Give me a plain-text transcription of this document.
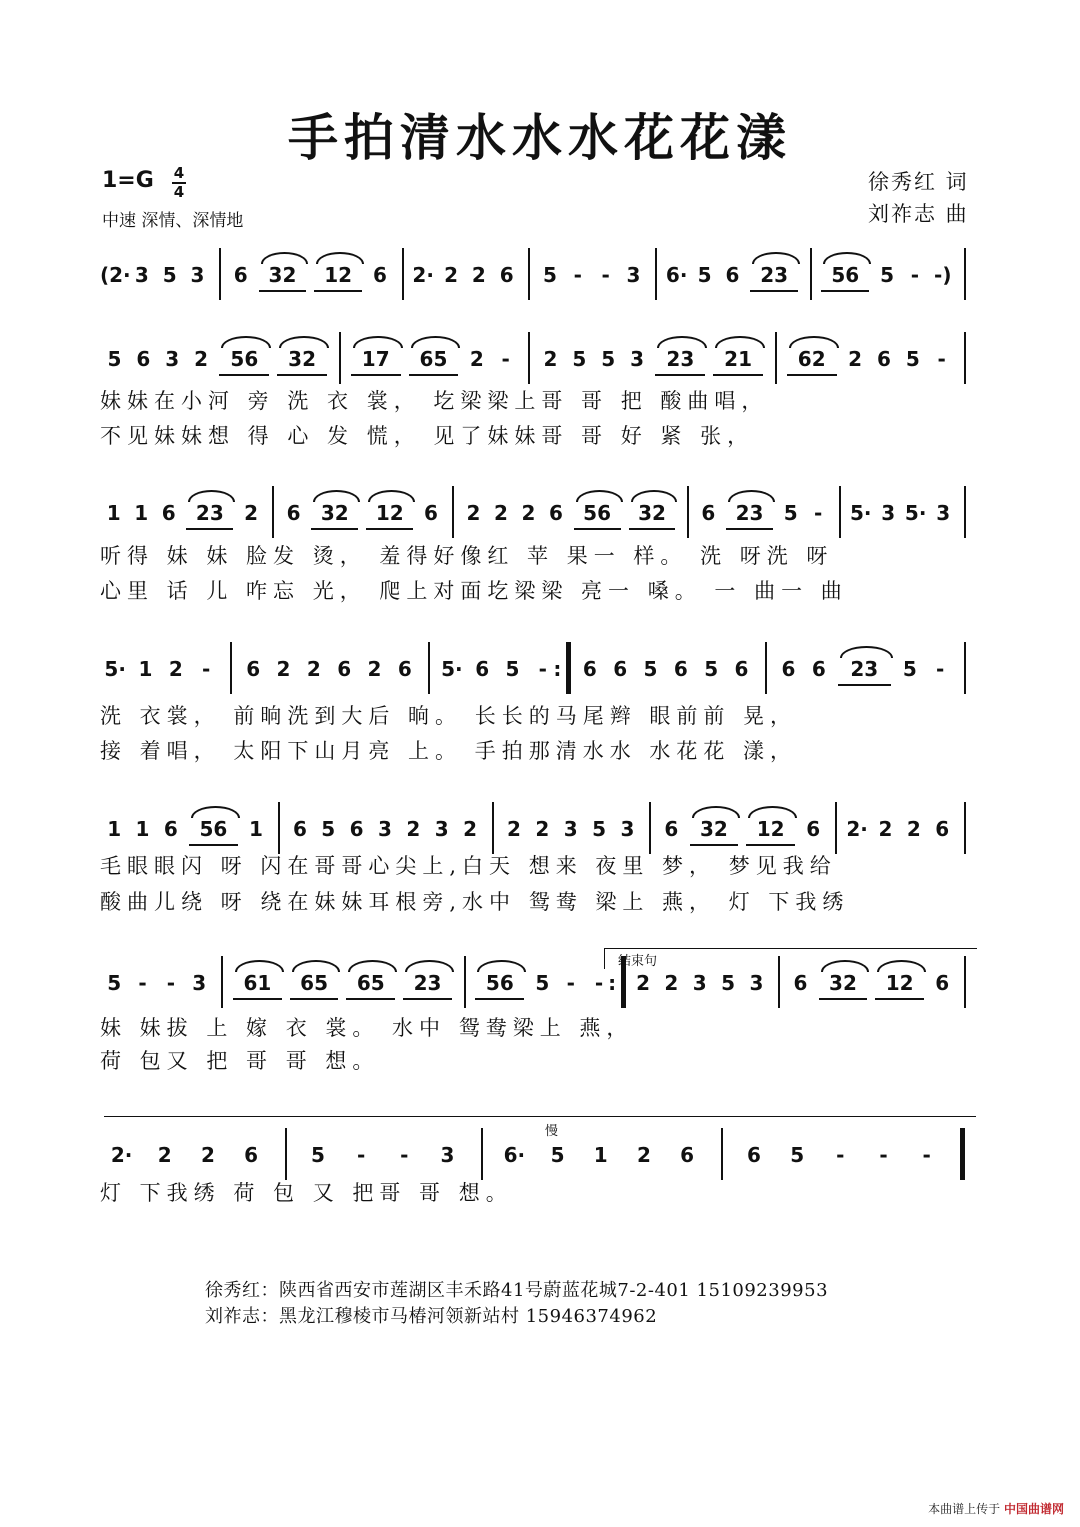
手拍清水水水花花漾
1=G 4
4
中速 深情、深情地
徐秀红 词
刘祚志 曲
(2· 3 5 3	6	32	12	6	2· 2 2 6	5 - - 3	6· 5 6	23	56	5 - -)
5 6 3 2	56	32	17	65	2 -	2 5 5 3	23	21	62	2 6 5 -
妹妹在小河 旁 洗 衣 裳， 圪梁梁上哥 哥 把 酸曲唱，
不见妹妹想 得 心 发 慌， 见了妹妹哥 哥 好 紧 张，
1 1 6	23	2	6	32	12	6	2 2 2 6	56	32	6	23	5 -	5· 3 5· 3
听得 妹 妹 脸发 烫， 羞得好像红 苹 果一 样。 洗 呀洗 呀
心里 话 儿 咋忘 光， 爬上对面圪梁梁 亮一 嗓。 一 曲一 曲
5· 1 2 -	6 2 2 6 2 6	5· 6 5 - :	6 6 5 6 5 6	6 6	23	5 -
洗 衣裳， 前晌洗到大后 晌。 长长的马尾辫 眼前前 晃，
接 着唱， 太阳下山月亮 上。 手拍那清水水 水花花 漾，
1 1 6	56	1	6 5 6 3 2 3 2	2 2 3 5 3	6	32	12	6	2· 2 2 6
毛眼眼闪 呀 闪在哥哥心尖上,白天 想来 夜里 梦， 梦见我给
酸曲儿绕 呀 绕在妹妹耳根旁,水中 鸳鸯 梁上 燕， 灯 下我绣
5 -	- 3	61	65	65	23	56	5 -	- :	2 2 3 5 3	6	32	12	6
妹 妹拔 上 嫁 衣 裳。 水中 鸳鸯梁上 燕，
荷 包又 把 哥 哥 想。
结束句
2·	2	2	6	5	-	-	3	6·	5	1	2	6	6	5	-	-	-
灯 下我绣 荷 包 又 把哥 哥 想。
慢
徐秀红：陕西省西安市莲湖区丰禾路41号蔚蓝花城7-2-401 15109239953
刘祚志：黑龙江穆棱市马椿河领新站村 15946374962
本曲谱上传于 中国曲谱网
